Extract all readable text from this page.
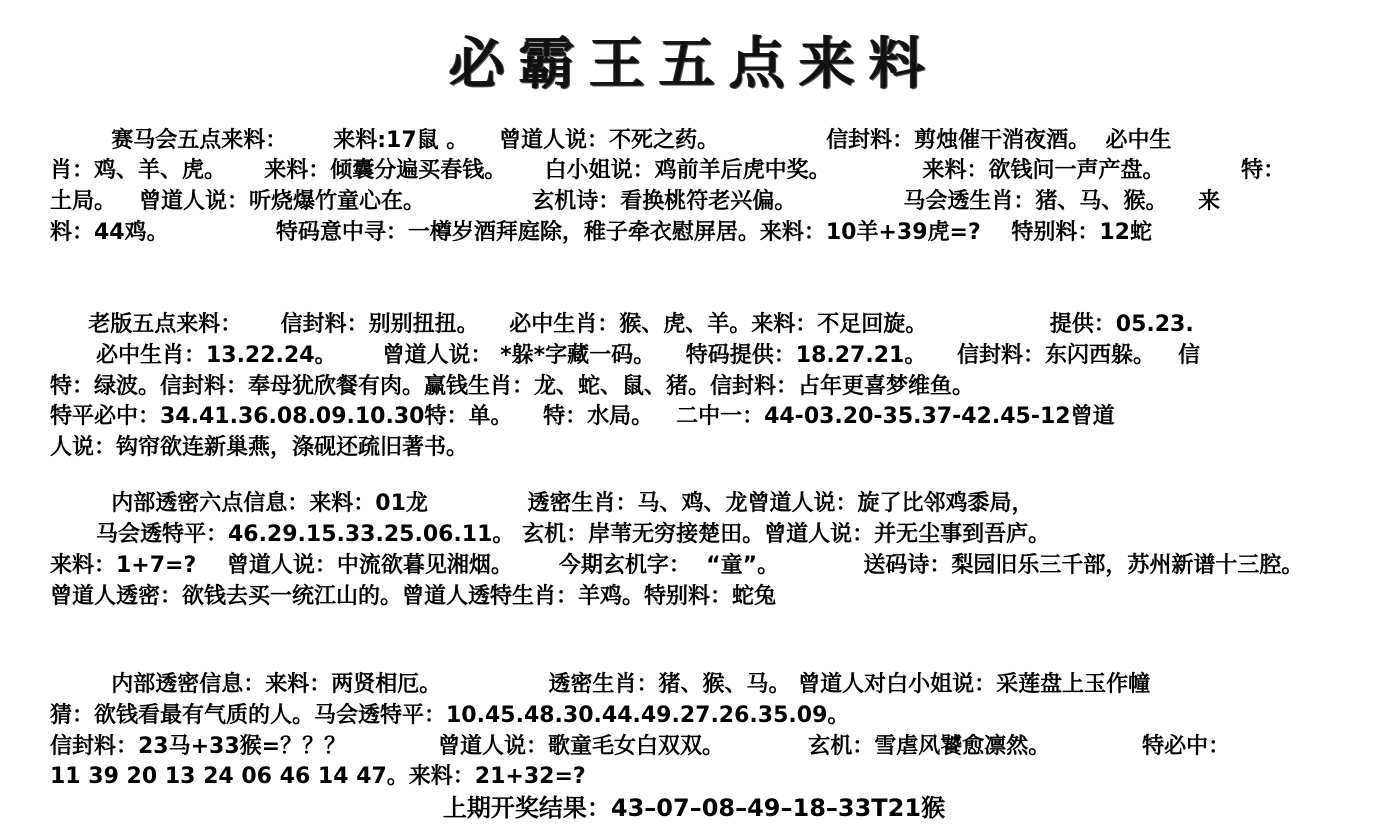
必霸王五点来料
赛马会五点来料：      来料:17鼠 。    曾道人说：不死之药。              信封料：剪烛催干消夜酒。  必中生
肖：鸡、羊、虎。     来料：倾囊分遍买春钱。     白小姐说：鸡前羊后虎中奖。            来料：欲钱问一声产盘。          特：
土局。   曾道人说：听烧爆竹童心在。              玄机诗：看换桃符老兴偏。              马会透生肖：猪、马、猴。    来
料：44鸡。              特码意中寻：一樽岁酒拜庭除，稚子牵衣慰屏居。来料：10羊+39虎=?    特别料：12蛇
老版五点来料：     信封料：别别扭扭。    必中生肖：猴、虎、羊。来料：不足回旋。                提供：05.23.
必中生肖：13.22.24。      曾道人说： *躲*字藏一码。    特码提供：18.27.21。    信封料：东闪西躲。   信
特：绿波。信封料：奉母犹欣餐有肉。赢钱生肖：龙、蛇、鼠、猪。信封料：占年更喜梦维鱼。
特平必中：34.41.36.08.09.10.30特：单。    特：水局。   二中一：44-03.20-35.37-42.45-12曾道
人说：钩帘欲连新巢燕，涤砚还疏旧著书。
内部透密六点信息：来料：01龙             透密生肖：马、鸡、龙曾道人说：旋了比邻鸡黍局，
马会透特平：46.29.15.33.25.06.11。 玄机：岸苇无穷接楚田。曾道人说：并无尘事到吾庐。
来料：1+7=?    曾道人说：中流欲暮见湘烟。      今期玄机字：  “童”。           送码诗：梨园旧乐三千部，苏州新谱十三腔。
曾道人透密：欲钱去买一统江山的。曾道人透特生肖：羊鸡。特别料：蛇兔
内部透密信息：来料：两贤相厄。              透密生肖：猪、猴、马。 曾道人对白小姐说：采莲盘上玉作幢
猜：欲钱看最有气质的人。马会透特平：10.45.48.30.44.49.27.26.35.09。
信封料：23马+33猴=？？？            曾道人说：歌童毛女白双双。           玄机：雪虐风饕愈凛然。            特必中：
11 39 20 13 24 06 46 14 47。来料：21+32=?
上期开奖结果：43–07–08–49–18–33T21猴
